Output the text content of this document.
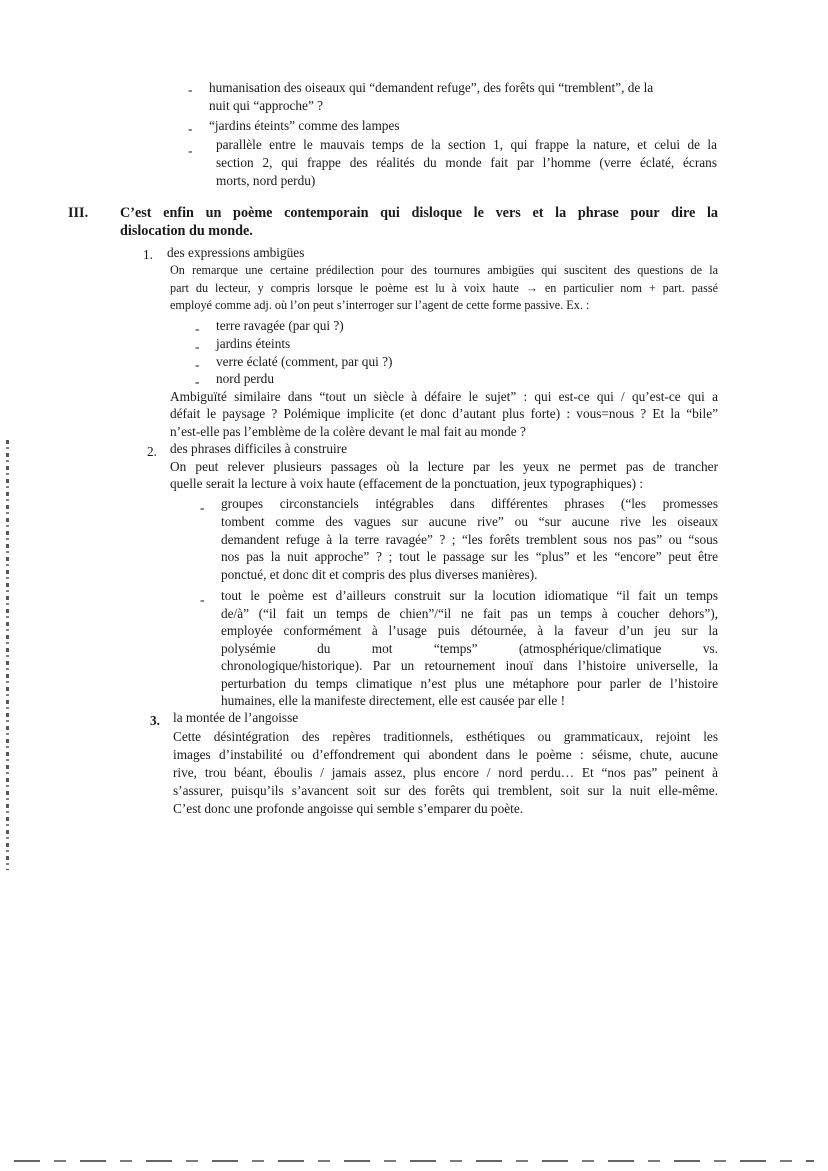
- humanisation des oiseaux qui “demandent refuge”, des forêts qui “tremblent”, de la
nuit qui “approche” ?
- “jardins éteints” comme des lampes
- parallèle entre le mauvais temps de la section 1, qui frappe la nature, et celui de la
section 2, qui frappe des réalités du monde fait par l’homme (verre éclaté, écrans
morts, nord perdu)
III. C’est enfin un poème contemporain qui disloque le vers et la phrase pour dire la
dislocation du monde.
1. des expressions ambigües
On remarque une certaine prédilection pour des tournures ambigües qui suscitent des questions de la
part du lecteur, y compris lorsque le poème est lu à voix haute → en particulier nom + part. passé
employé comme adj. où l’on peut s’interroger sur l’agent de cette forme passive. Ex. :
- terre ravagée (par qui ?)
- jardins éteints
- verre éclaté (comment, par qui ?)
- nord perdu
Ambiguïté similaire dans “tout un siècle à défaire le sujet” : qui est-ce qui / qu’est-ce qui a
défait le paysage ? Polémique implicite (et donc d’autant plus forte) : vous=nous ? Et la “bile”
n’est-elle pas l’emblème de la colère devant le mal fait au monde ?
2. des phrases difficiles à construire
On peut relever plusieurs passages où la lecture par les yeux ne permet pas de trancher
quelle serait la lecture à voix haute (effacement de la ponctuation, jeux typographiques) :
- groupes circonstanciels intégrables dans différentes phrases (“les promesses
tombent comme des vagues sur aucune rive” ou “sur aucune rive les oiseaux
demandent refuge à la terre ravagée” ? ; “les forêts tremblent sous nos pas” ou “sous
nos pas la nuit approche” ? ; tout le passage sur les “plus” et les “encore” peut être
ponctué, et donc dit et compris des plus diverses manières).
- tout le poème est d’ailleurs construit sur la locution idiomatique “il fait un temps
de/à” (“il fait un temps de chien”/“il ne fait pas un temps à coucher dehors”),
employée conformément à l’usage puis détournée, à la faveur d’un jeu sur la
polysémie du mot “temps” (atmosphérique/climatique vs.
chronologique/historique). Par un retournement inouï dans l’histoire universelle, la
perturbation du temps climatique n’est plus une métaphore pour parler de l’histoire
humaines, elle la manifeste directement, elle est causée par elle !
3. la montée de l’angoisse
Cette désintégration des repères traditionnels, esthétiques ou grammaticaux, rejoint les
images d’instabilité ou d’effondrement qui abondent dans le poème : séisme, chute, aucune
rive, trou béant, éboulis / jamais assez, plus encore / nord perdu… Et “nos pas” peinent à
s’assurer, puisqu’ils s’avancent soit sur des forêts qui tremblent, soit sur la nuit elle-même.
C’est donc une profonde angoisse qui semble s’emparer du poète.
